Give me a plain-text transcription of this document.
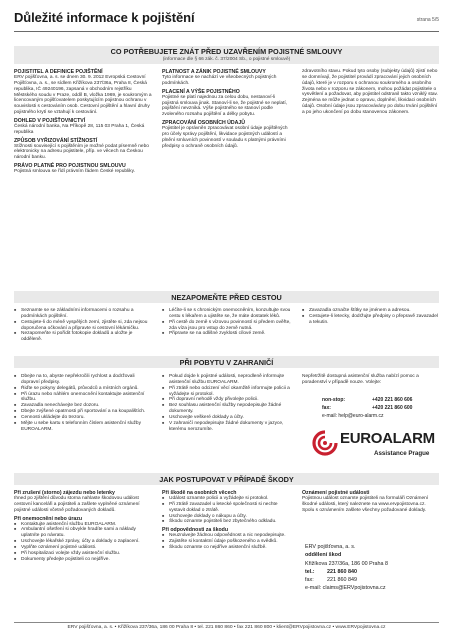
Důležité informace k pojištění	strana 5/5
CO POTŘEBUJETE ZNÁT PŘED UZAVŘENÍM POJISTNÉ SMLOUVY
(informace dle § 66 zák. č. 37/2004 Sb., o pojistné smlouvě)
POJISTITEL A DEFINICE POJIŠTĚNÍ

ERV pojišťovna, a. s. se dnem 30. 9. 2012 Evropská Cestovní Pojišťovna, a. s., se sídlem Křižíkova 237/36a, Praha 8, Česká republika, IČ 49240196, zapsaná v obchodním rejstříku Městského soudu v Praze, oddíl B, vložka 1969, je soukromým a licencovaným pojišťovatelem poskytujícím pojistnou ochranu v souvislosti s cestováním osob. Cestovní pojištění a hlavní druhy pojistného krytí se vztahují k cestování.

DOHLED V POJIŠŤOVNICTVÍ

Česká národní banka, Na Příkopě 28, 115 03 Praha 1, Česká republika

ZPŮSOB VYŘIZOVÁNÍ STÍŽNOSTÍ

Stížnosti související s pojištěním je možné podat písemně nebo elektronicky na adresu pojistitele, příp. ve věcech na Českou národní banku.

PRÁVO PLATNÉ PRO POJISTNOU SMLOUVU

Pojistná smlouva se řídí právním řádem České republiky.

PLATNOST A ZÁNIK POJISTNÉ SMLOUVY

Tyto informace se nachází ve všeobecných pojistných podmínkách.

PLACENÍ A VÝŠE POJISTNÉHO

Pojistné se platí najednou za celou dobu, nestanoví-li pojistná smlouva jinak. Stanoví-li se, že pojistné se neplatí, pojištění nevzniká. Výše pojistného se stanoví podle zvoleného rozsahu pojištění a délky pobytu.

ZPRACOVÁNÍ OSOBNÍCH ÚDAJŮ

Pojistitel je oprávněn zpracovávat osobní údaje pojištěných pro účely správy pojištění, likvidace pojistných událostí a plnění smluvních povinností v souladu s platnými právními předpisy o ochraně osobních údajů.

zdravotního stavu. Pokud tyto osoby (subjekty údajů) zjistí nebo se domnívají, že pojistitel provádí zpracování jejich osobních údajů, které je v rozporu s ochranou soukromého a osobního života nebo v rozporu se zákonem, mohou požádat pojistitele o vysvětlení a požadovat, aby pojistitel odstranil takto vzniklý stav. Zejména se může jednat o opravu, doplnění, likvidaci osobních údajů. Osobní údaje jsou zpracovávány po dobu trvání pojištění a po jeho ukončení po dobu stanovenou zákonem.

NEZAPOMEŇTE PŘED CESTOU
■ Seznamte se se základními informacemi o rozsahu a podmínkách pojištění.
■ Cestujete-li do méně vyspělých zemí, zjistěte si, zda nejsou doporučena očkování a připravte si cestovní lékárničku.
■ Nezapomeňte si pořídit fotokopie dokladů a uložte je odděleně.
■ Léčíte-li se s chronickým onemocněním, konzultujte svou cestu s lékařem a ujistěte se, že máte dostatek léků.
■ Při cestě do země s vízovou povinností si předem ověřte, zda víza jsou pro vstup do země nutná.
■ Připravte se na odlišné zvyklosti cílové země.
■ Zavazadla označte štítky se jménem a adresou.
■ Cestujete-li letecky, dodržujte předpisy o přepravě zavazadel a tekutin.
PŘI POBYTU V ZAHRANIČÍ
■ Dbejte na to, abyste nepřekročili rychlost a dodržovali dopravní předpisy.
■ Řiďte se pokyny delegátů, průvodců a místních orgánů.
■ Při úrazu nebo náhlém onemocnění kontaktujte asistenční službu.
■ Zavazadla nenechávejte bez dozoru.
■ Dbejte zvýšené opatrnosti při sportování a na koupalištích.
■ Cennosti ukládejte do trezoru.
■ Mějte u sebe kartu s telefonním číslem asistenční služby EUROALARM.
■ Pokud dojde k pojistné události, neprodleně informujte asistenční službu EUROALARM.
■ Při ztrátě nebo odcizení věcí okamžitě informujte policii a vyžádejte si protokol.
■ Při dopravní nehodě vždy přivolejte policii.
■ Bez souhlasu asistenční služby nepodepisujte žádné dokumenty.
■ Uschovejte veškeré doklady a účty.
■ V zahraničí nepodepisujte žádné dokumenty v jazyce, kterému nerozumíte.

Nepřetržitě dostupná asistenční služba nabízí pomoc a poradenství v případě nouze. Volejte:

non-stop:	+420 221 860 606
fax:	+420 221 860 600
e-mail: help@euro-alarm.cz
EUROALARM
Assistance Prague
JAK POSTUPOVAT V PŘÍPADĚ ŠKODY
Při zrušení (storno) zájezdu nebo letenky

Ihned po zjištění důvodu storna nahlaste škodovou událost cestovní kanceláři a pojistiteli a zašlete vyplněné oznámení pojistné události včetně požadovaných dokladů.

Při onemocnění nebo úrazu
■ Kontaktujte asistenční službu EUROALARM.
■ Ambulantní ošetření si obvykle hradíte sami a náklady uplatníte po návratu.
■ Uschovejte lékařské zprávy, účty a doklady o zaplacení.
■ Vyplňte oznámení pojistné události.
■ Při hospitalizaci volejte vždy asistenční službu.
■ Dokumenty předejte pojistiteli co nejdříve.
Při škodě na osobních věcech
■ Událost oznamte policii a vyžádejte si protokol.
■ Při ztrátě zavazadel u letecké společnosti si nechte vystavit doklad o ztrátě.
■ Uschovejte doklady o nákupu a účty.
■ Škodu oznamte pojistiteli bez zbytečného odkladu.
Při odpovědnosti za škodu
■ Neuznávejte žádnou odpovědnost a nic nepodepisujte.
■ Zajistěte si kontaktní údaje poškozeného a svědků.
■ Škodu oznamte co nejdříve asistenční službě.
Oznámení pojistné události

Pojistnou událost oznamte pojistiteli na formuláři Oznámení škodné události, který naleznete na www.ervpojistovna.cz. Spolu s oznámením zašlete všechny požadované doklady.

ERV pojišťovna, a. s.
oddělení škod
Křižíkova 237/36a, 186 00 Praha 8
tel.: 221 860 840
fax: 221 860 849
e-mail: claims@ERVpojistovna.cz
ERV pojišťovna, a. s. • Křižíkova 237/36a, 186 00 Praha 8 • tel. 221 860 860 • fax 221 860 800 • klient@ERVpojistovna.cz • www.ERVpojistovna.cz
